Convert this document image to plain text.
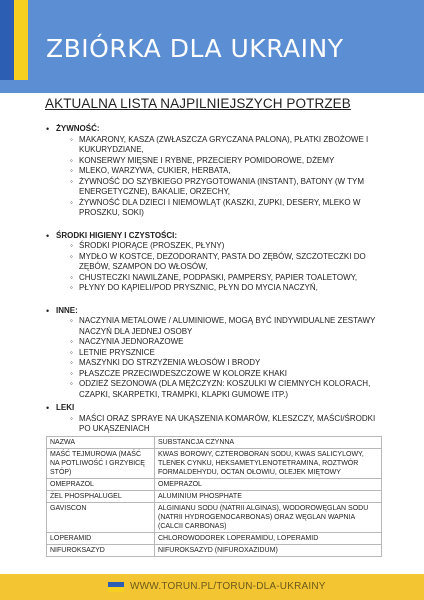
ZBIÓRKA DLA UKRAINY
AKTUALNA LISTA NAJPILNIEJSZYCH POTRZEB
• ŻYWNOŚĆ:
◦ MAKARONY, KASZA (ZWŁASZCZA GRYCZANA PALONA), PŁATKI ZBOŻOWE I KUKURYDZIANE,
◦ KONSERWY MIĘSNE I RYBNE, PRZECIERY POMIDOROWE, DŻEMY
◦ MLEKO, WARZYWA, CUKIER, HERBATA,
◦ ŻYWNOŚĆ DO SZYBKIEGO PRZYGOTOWANIA (INSTANT), BATONY (W TYM ENERGETYCZNE), BAKALIE, ORZECHY,
◦ ŻYWNOŚĆ DLA DZIECI I NIEMOWLĄT (KASZKI, ZUPKI, DESERY, MLEKO W PROSZKU, SOKI)
• ŚRODKI HIGIENY I CZYSTOŚCI:
◦ ŚRODKI PIORĄCE (PROSZEK, PŁYNY)
◦ MYDŁO W KOSTCE, DEZODORANTY, PASTA DO ZĘBÓW, SZCZOTECZKI DO ZĘBÓW, SZAMPON DO WŁOSÓW,
◦ CHUSTECZKI NAWILŻANE, PODPASKI, PAMPERSY, PAPIER TOALETOWY,
◦ PŁYNY DO KĄPIELI/POD PRYSZNIC, PŁYN DO MYCIA NACZYŃ,
• INNE:
◦ NACZYNIA METALOWE / ALUMINIOWE, MOGĄ BYĆ INDYWIDUALNE ZESTAWY NACZYŃ DLA JEDNEJ OSOBY
◦ NACZYNIA JEDNORAZOWE
◦ LETNIE PRYSZNICE
◦ MASZYNKI DO STRZYŻENIA WŁOSÓW I BRODY
◦ PŁASZCZE PRZECIWDESZCZOWE W KOLORZE KHAKI
◦ ODZIEŻ SEZONOWA (DLA MĘŻCZYZN: KOSZULKI W CIEMNYCH KOLORACH, CZAPKI, SKARPETKI, TRAMPKI, KLAPKI GUMOWE ITP.)
• LEKI
◦ MAŚCI ORAZ SPRAYE NA UKĄSZENIA KOMARÓW, KLESZCZY, MAŚCI/ŚRODKI PO UKĄSZENIACH
NAZWA	SUBSTANCJA CZYNNA
MAŚĆ TEJMUROWA (MAŚĆ NA POTLIWOŚĆ I GRZYBICĘ STÓP)	KWAS BOROWY, CZTEROBORAN SODU, KWAS SALICYLOWY, TLENEK CYNKU, HEKSAMETYLENOTETRAMINA, ROZTWÓR FORMALDEHYDU, OCTAN OŁOWIU, OLEJEK MIĘTOWY
OMEPRAZOL	OMEPRAZOL
ŻEL PHOSPHALUGEL	ALUMINIUM PHOSPHATE
GAVISCON	ALGINIANU SODU (NATRII ALGINAS), WODOROWĘGLAN SODU (NATRII HYDROGENOCARBONAS) ORAZ WĘGLAN WAPNIA (CALCII CARBONAS)
LOPERAMID	CHLOROWODOREK LOPERAMIDU, LOPERAMID
NIFUROKSAZYD	NIFUROKSAZYD (NIFUROXAZIDUM)
WWW.TORUN.PL/TORUN-DLA-UKRAINY
